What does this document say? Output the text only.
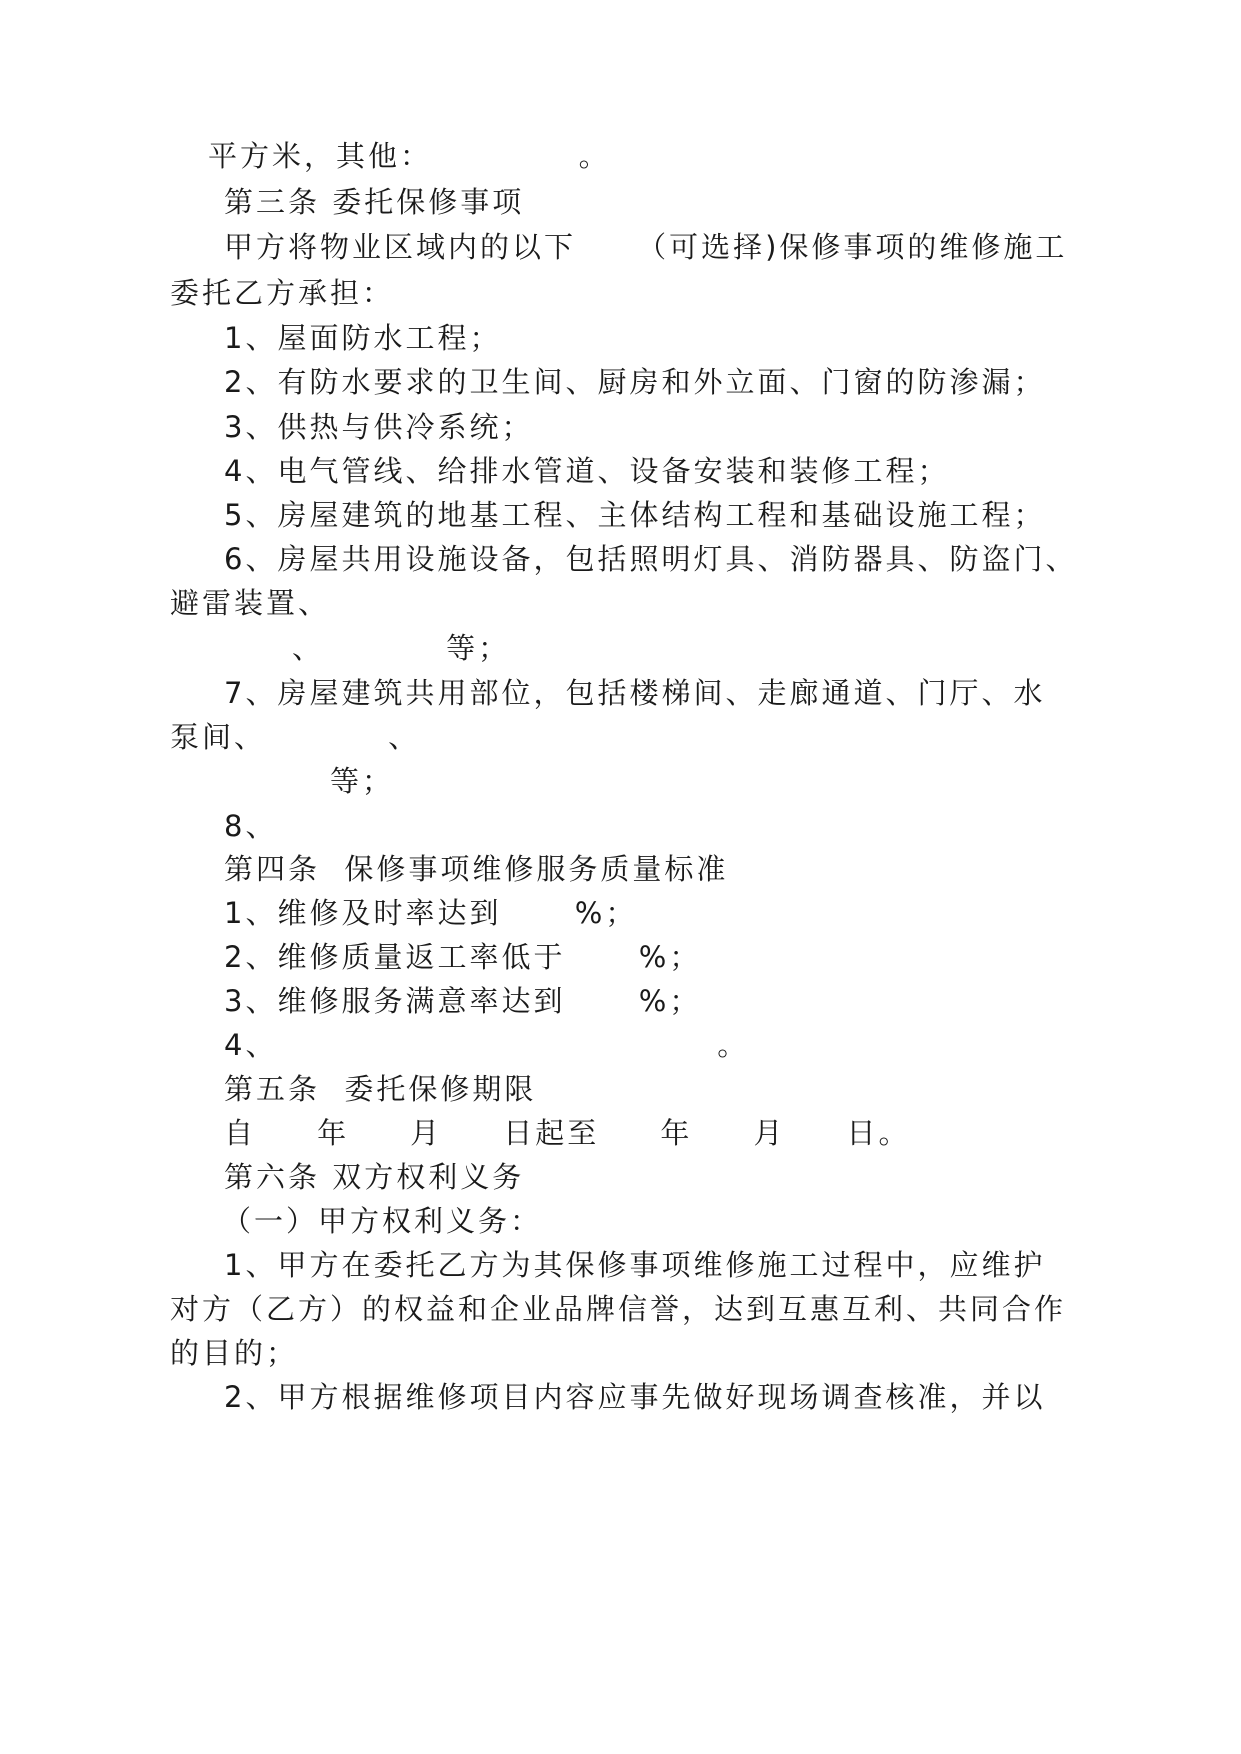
平方米，其他：            。
第三条 委托保修事项
甲方将物业区域内的以下     （可选择)保修事项的维修施工
委托乙方承担：
1、屋面防水工程；
2、有防水要求的卫生间、厨房和外立面、门窗的防渗漏；
3、供热与供冷系统；
4、电气管线、给排水管道、设备安装和装修工程；
5、房屋建筑的地基工程、主体结构工程和基础设施工程；
6、房屋共用设施设备，包括照明灯具、消防器具、防盗门、
避雷装置、
、          等；
7、房屋建筑共用部位，包括楼梯间、走廊通道、门厅、水
泵间、          、
等；
8、
第四条  保修事项维修服务质量标准
1、维修及时率达到      %；
2、维修质量返工率低于      %；
3、维修服务满意率达到      %；
4、                                    。
第五条  委托保修期限
自     年     月     日起至     年     月     日。
第六条 双方权利义务
（一）甲方权利义务：
1、甲方在委托乙方为其保修事项维修施工过程中，应维护
对方（乙方）的权益和企业品牌信誉，达到互惠互利、共同合作
的目的；
2、甲方根据维修项目内容应事先做好现场调查核准，并以
